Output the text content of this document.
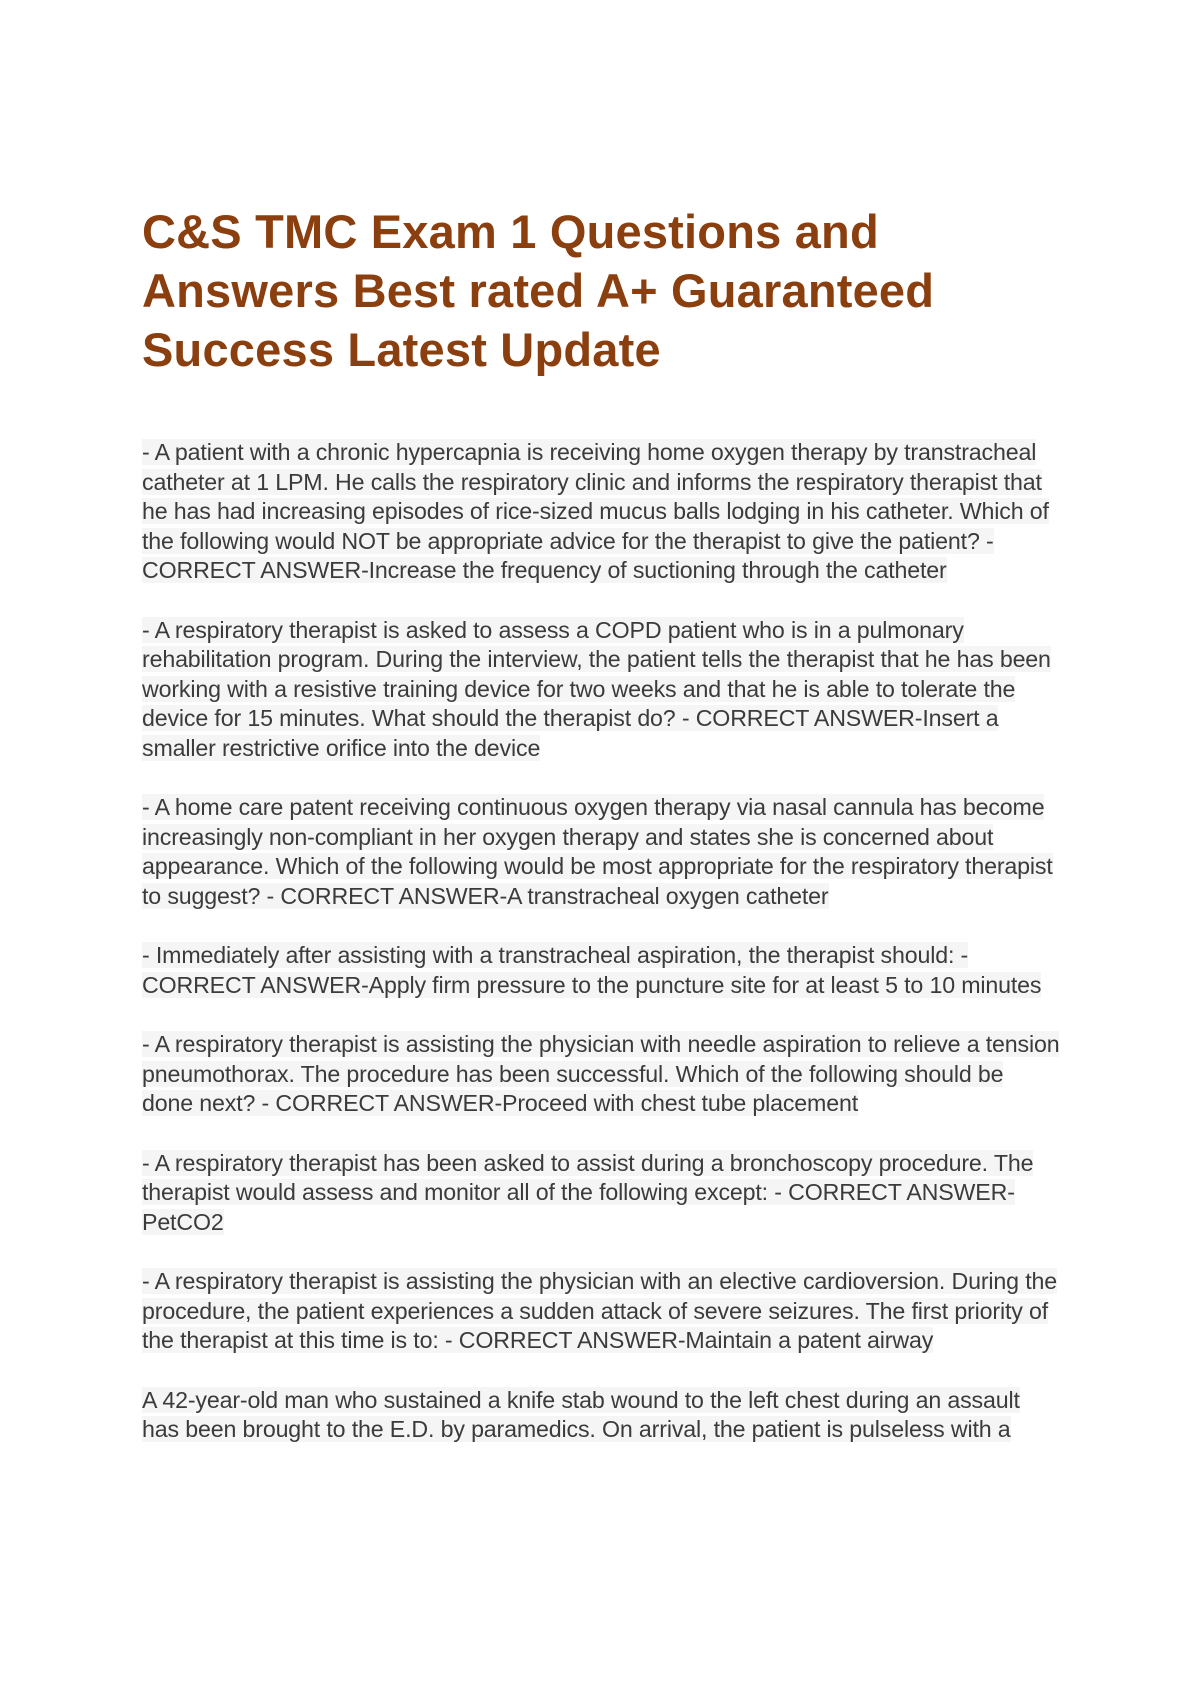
C&S TMC Exam 1 Questions and Answers Best rated A+ Guaranteed Success Latest Update

- A patient with a chronic hypercapnia is receiving home oxygen therapy by transtracheal catheter at 1 LPM. He calls the respiratory clinic and informs the respiratory therapist that he has had increasing episodes of rice-sized mucus balls lodging in his catheter. Which of the following would NOT be appropriate advice for the therapist to give the patient? - CORRECT ANSWER-Increase the frequency of suctioning through the catheter

- A respiratory therapist is asked to assess a COPD patient who is in a pulmonary rehabilitation program. During the interview, the patient tells the therapist that he has been working with a resistive training device for two weeks and that he is able to tolerate the device for 15 minutes. What should the therapist do? - CORRECT ANSWER-Insert a smaller restrictive orifice into the device

- A home care patent receiving continuous oxygen therapy via nasal cannula has become increasingly non-compliant in her oxygen therapy and states she is concerned about appearance. Which of the following would be most appropriate for the respiratory therapist to suggest? - CORRECT ANSWER-A transtracheal oxygen catheter

- Immediately after assisting with a transtracheal aspiration, the therapist should: - CORRECT ANSWER-Apply firm pressure to the puncture site for at least 5 to 10 minutes

- A respiratory therapist is assisting the physician with needle aspiration to relieve a tension pneumothorax. The procedure has been successful. Which of the following should be done next? - CORRECT ANSWER-Proceed with chest tube placement

- A respiratory therapist has been asked to assist during a bronchoscopy procedure. The therapist would assess and monitor all of the following except: - CORRECT ANSWER-PetCO2

- A respiratory therapist is assisting the physician with an elective cardioversion. During the procedure, the patient experiences a sudden attack of severe seizures. The first priority of the therapist at this time is to: - CORRECT ANSWER-Maintain a patent airway

A 42-year-old man who sustained a knife stab wound to the left chest during an assault has been brought to the E.D. by paramedics. On arrival, the patient is pulseless with a
